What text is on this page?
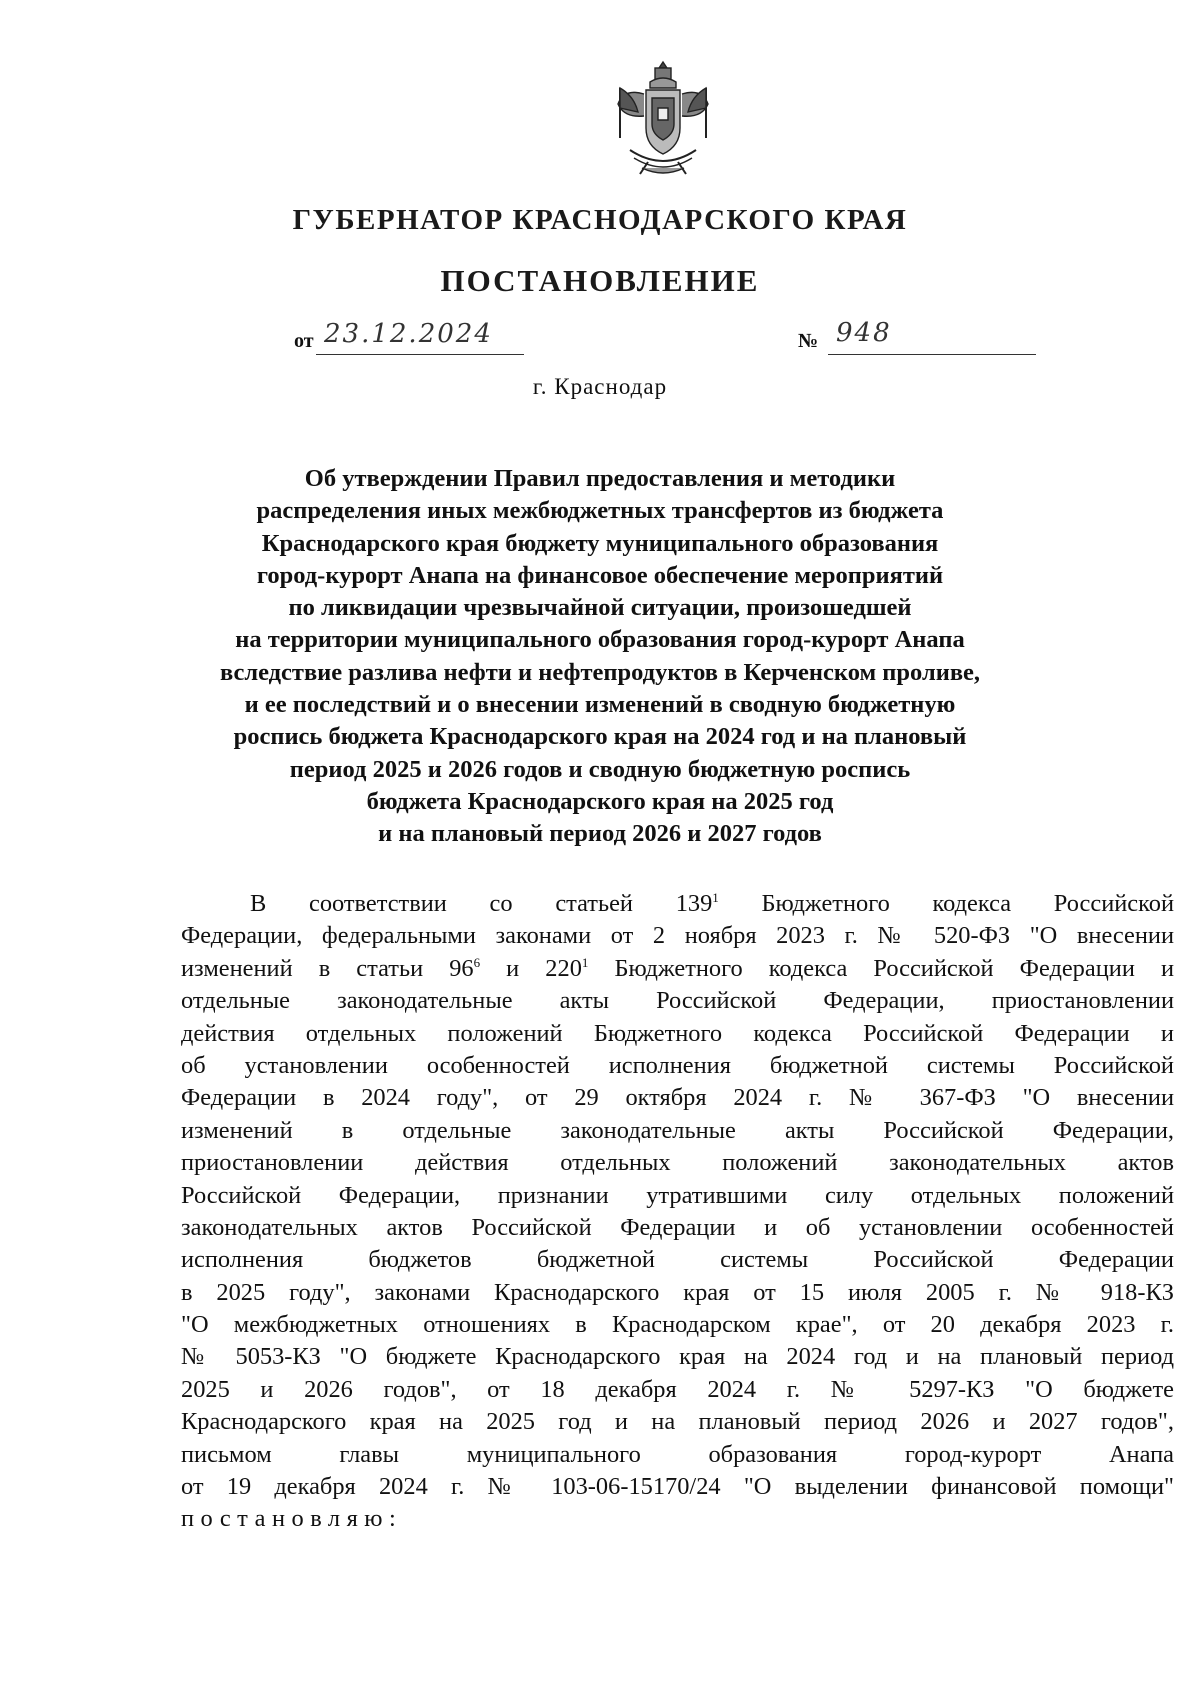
ГУБЕРНАТОР КРАСНОДАРСКОГО КРАЯ
ПОСТАНОВЛЕНИЕ
от 23.12.2024	№ 948
г. Краснодар
Об утверждении Правил предоставления и методики
распределения иных межбюджетных трансфертов из бюджета
Краснодарского края бюджету муниципального образования
город-курорт Анапа на финансовое обеспечение мероприятий
по ликвидации чрезвычайной ситуации, произошедшей
на территории муниципального образования город-курорт Анапа
вследствие разлива нефти и нефтепродуктов в Керченском проливе,
и ее последствий и о внесении изменений в сводную бюджетную
роспись бюджета Краснодарского края на 2024 год и на плановый
период 2025 и 2026 годов и сводную бюджетную роспись
бюджета Краснодарского края на 2025 год
и на плановый период 2026 и 2027 годов
В соответствии со статьей $139^1$ Бюджетного кодекса Российской
Федерации, федеральными законами от 2 ноября 2023 г. № 520-ФЗ "О внесении
изменений в статьи $96^6$ и $220^1$ Бюджетного кодекса Российской Федерации и
отдельные законодательные акты Российской Федерации, приостановлении
действия отдельных положений Бюджетного кодекса Российской Федерации и
об установлении особенностей исполнения бюджетной системы Российской
Федерации в 2024 году", от 29 октября 2024 г. № 367-ФЗ "О внесении
изменений в отдельные законодательные акты Российской Федерации,
приостановлении действия отдельных положений законодательных актов
Российской Федерации, признании утратившими силу отдельных положений
законодательных актов Российской Федерации и об установлении особенностей
исполнения бюджетов бюджетной системы Российской Федерации
в 2025 году", законами Краснодарского края от 15 июля 2005 г. № 918-КЗ
"О межбюджетных отношениях в Краснодарском крае", от 20 декабря 2023 г.
№ 5053-КЗ "О бюджете Краснодарского края на 2024 год и на плановый период
2025 и 2026 годов", от 18 декабря 2024 г. № 5297-КЗ "О бюджете
Краснодарского края на 2025 год и на плановый период 2026 и 2027 годов",
письмом главы муниципального образования город-курорт Анапа
от 19 декабря 2024 г. № 103-06-15170/24 "О выделении финансовой помощи"
постановляю:
